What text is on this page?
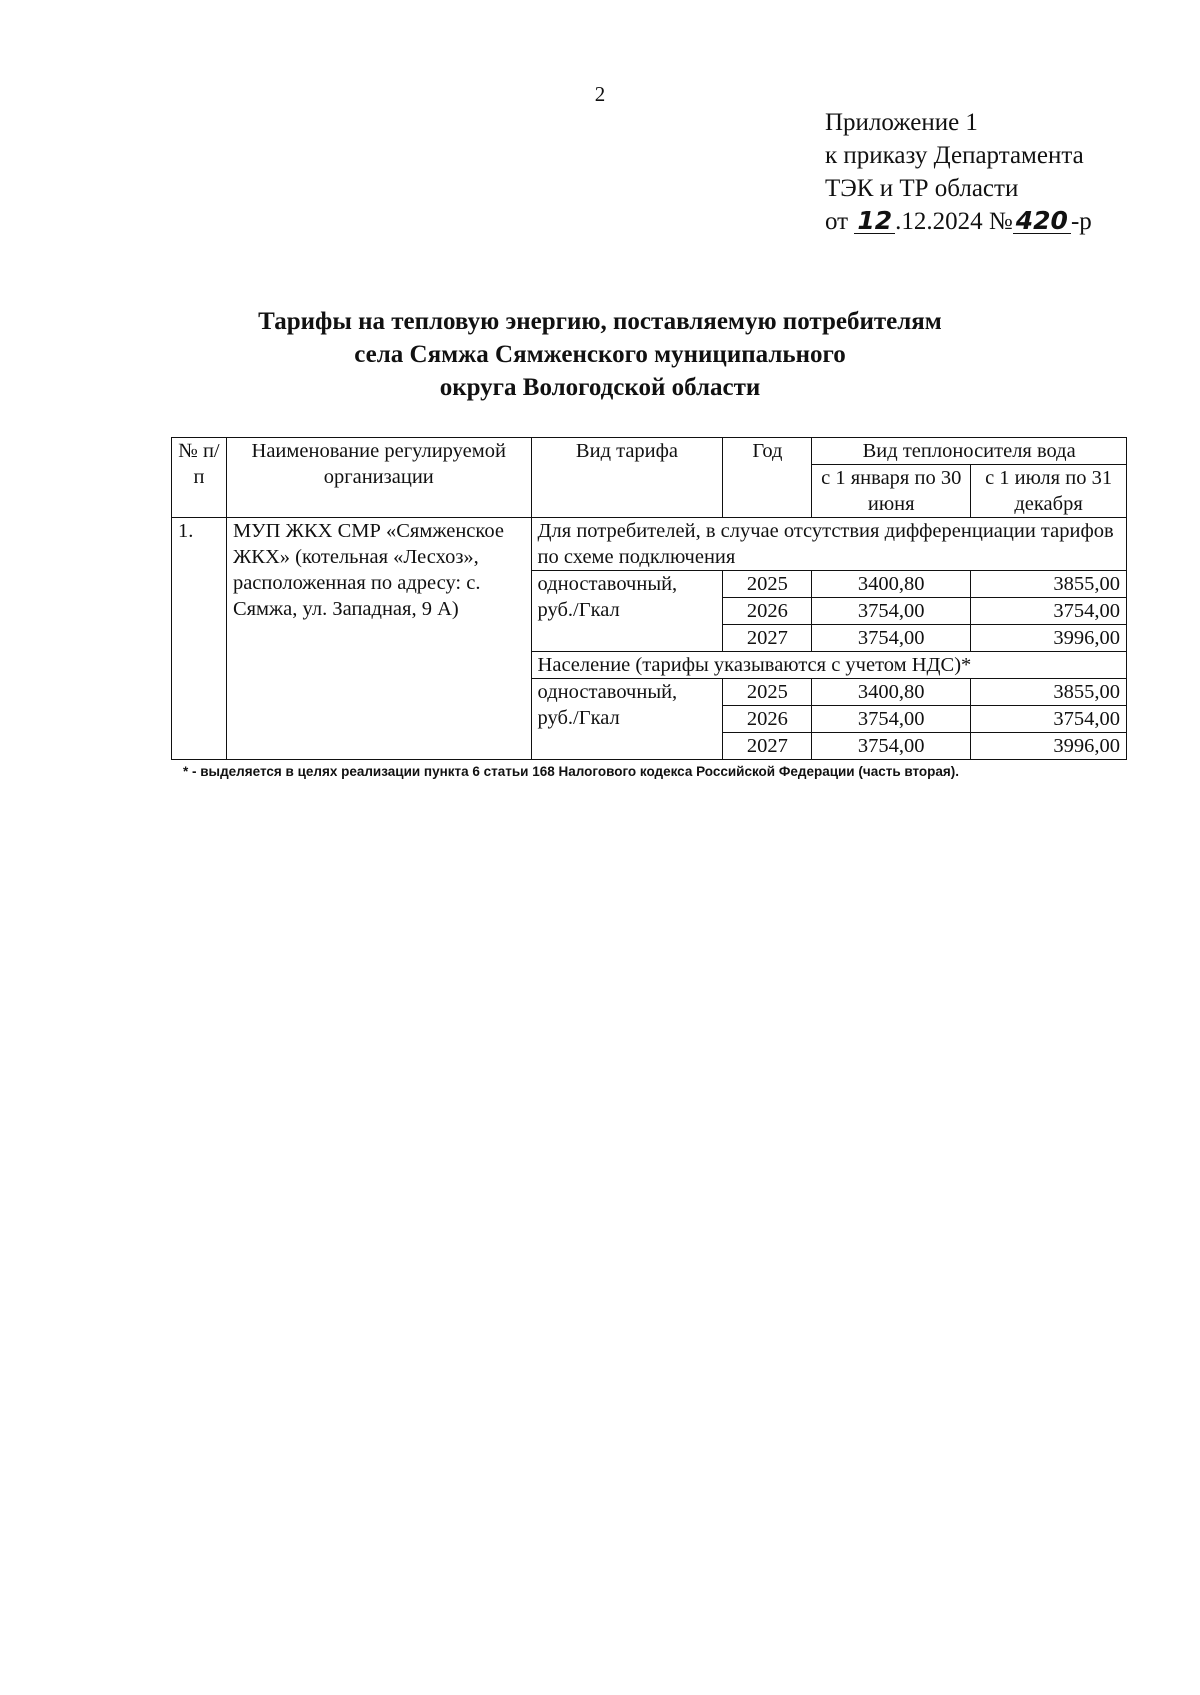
2
Приложение 1
к приказу Департамента
ТЭК и ТР области
от 12 .12.2024 № 420 -р
Тарифы на тепловую энергию, поставляемую потребителям
села Сямжа Сямженского муниципального
округа Вологодской области
№ п/п	Наименование регулируемой организации	Вид тарифа	Год	Вид теплоносителя вода	
				с 1 января по 30 июня	с 1 июля по 31 декабря
1.	МУП ЖКХ СМР «Сямженское ЖКХ» (котельная «Лесхоз», расположенная по адресу: с. Сямжа, ул. Западная, 9 А)	Для потребителей, в случае отсутствия дифференциации тарифов по схеме подключения			
		одноставочный, руб./Гкал	2025	3400,80	3855,00
			2026	3754,00	3754,00
			2027	3754,00	3996,00
		Население (тарифы указываются с учетом НДС)*			
		одноставочный, руб./Гкал	2025	3400,80	3855,00
			2026	3754,00	3754,00
			2027	3754,00	3996,00
* - выделяется в целях реализации пункта 6 статьи 168 Налогового кодекса Российской Федерации (часть вторая).
